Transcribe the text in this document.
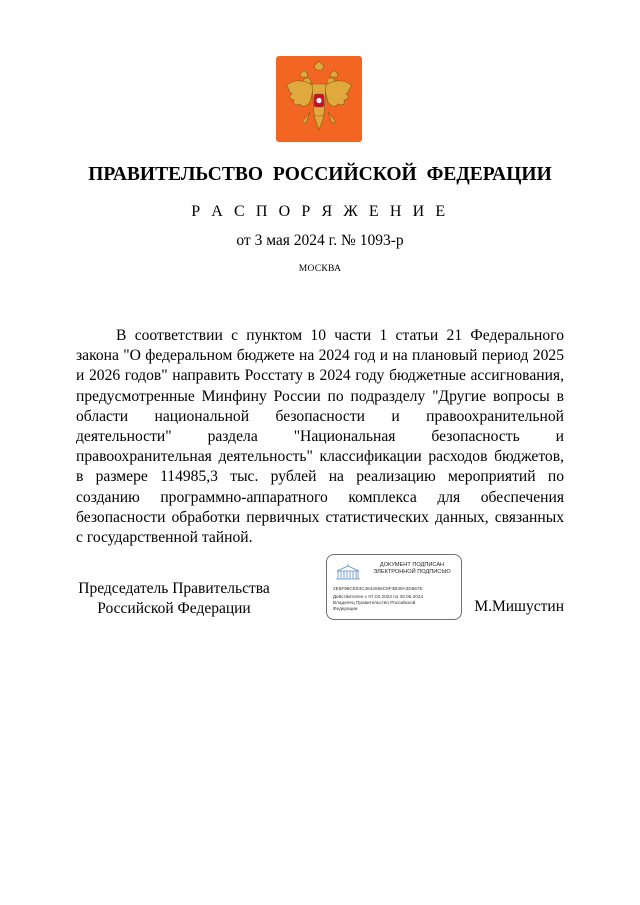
ПРАВИТЕЛЬСТВО РОССИЙСКОЙ ФЕДЕРАЦИИ
Р А С П О Р Я Ж Е Н И Е
от 3 мая 2024 г. № 1093-р
МОСКВА

В соответствии с пунктом 10 части 1 статьи 21 Федерального закона "О федеральном бюджете на 2024 год и на плановый период 2025 и 2026 годов" направить Росстату в 2024 году бюджетные ассигнования, предусмотренные Минфину России по подразделу "Другие вопросы в области национальной безопасности и правоохранительной деятельности" раздела "Национальная безопасность и правоохранительная деятельность" классификации расходов бюджетов, в размере 114985,3 тыс. рублей на реализацию мероприятий по созданию программно-аппаратного комплекса для обеспечения безопасности обработки первичных статистических данных, связанных с государственной тайной.

Председатель Правительства
Российской Федерации
ДОКУМЕНТ ПОДПИСАН ЭЛЕКТРОННОЙ ПОДПИСЬЮ
2E6F98CE53C4642666C6F3B49A3D667E
Действителен с 07.03.2023 по 30.05.2024
Владелец Правительство Российской
Федерации	М.Мишустин
